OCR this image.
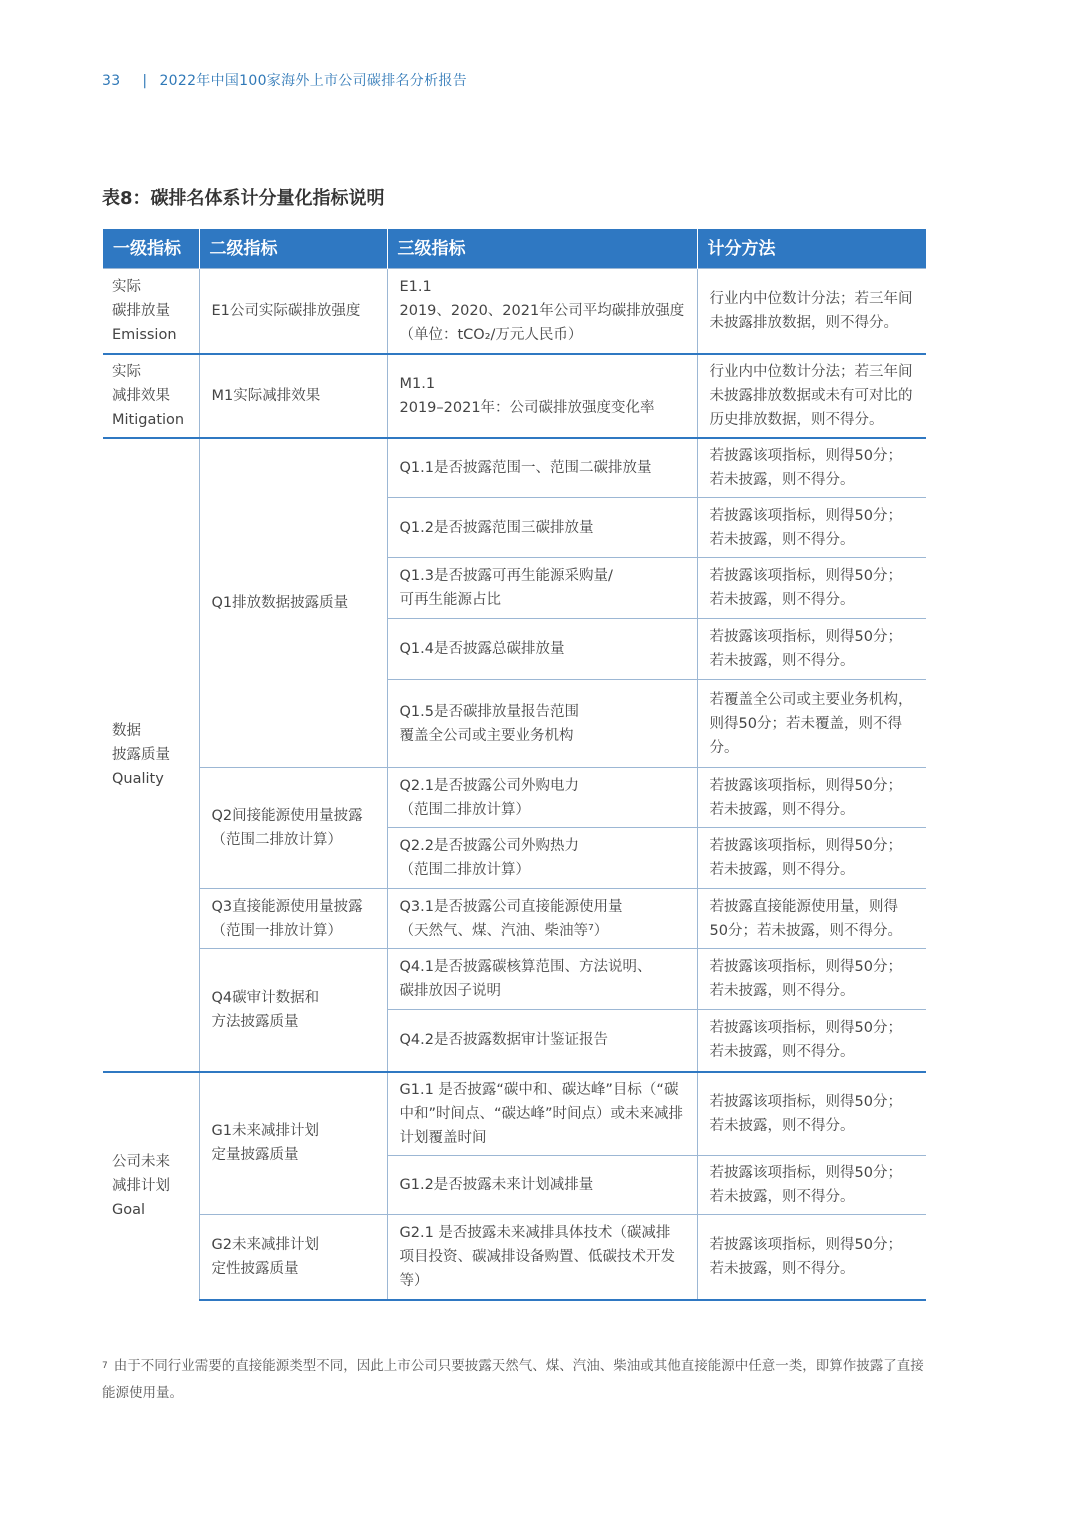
33 | 2022年中国100家海外上市公司碳排名分析报告
表8：碳排名体系计分量化指标说明
一级指标	二级指标	三级指标	计分方法

实际
碳排放量
Emission	E1公司实际碳排放强度	E1.1
2019、2020、2021年公司平均碳排放强度
（单位：tCO₂/万元人民币）	行业内中位数计分法；若三年间未披露排放数据，则不得分。

实际
减排效果
Mitigation	M1实际减排效果	M1.1
2019–2021年：公司碳排放强度变化率	行业内中位数计分法；若三年间未披露排放数据或未有可对比的历史排放数据，则不得分。

数据
披露质量
Quality	Q1排放数据披露质量	Q1.1是否披露范围一、范围二碳排放量	若披露该项指标，则得50分；若未披露，则不得分。

		Q1.2是否披露范围三碳排放量	若披露该项指标，则得50分；若未披露，则不得分。

		Q1.3是否披露可再生能源采购量/
可再生能源占比	若披露该项指标，则得50分；若未披露，则不得分。

		Q1.4是否披露总碳排放量	若披露该项指标，则得50分；若未披露，则不得分。

		Q1.5是否碳排放量报告范围
覆盖全公司或主要业务机构	若覆盖全公司或主要业务机构，则得50分；若未覆盖，则不得分。

	Q2间接能源使用量披露
（范围二排放计算）	Q2.1是否披露公司外购电力
（范围二排放计算）	若披露该项指标，则得50分；若未披露，则不得分。

		Q2.2是否披露公司外购热力
（范围二排放计算）	若披露该项指标，则得50分；若未披露，则不得分。

	Q3直接能源使用量披露
（范围一排放计算）	Q3.1是否披露公司直接能源使用量
（天然气、煤、汽油、柴油等⁷）	若披露直接能源使用量，则得50分；若未披露，则不得分。

	Q4碳审计数据和
方法披露质量	Q4.1是否披露碳核算范围、方法说明、
碳排放因子说明	若披露该项指标，则得50分；若未披露，则不得分。

		Q4.2是否披露数据审计鉴证报告	若披露该项指标，则得50分；若未披露，则不得分。

公司未来
减排计划
Goal	G1未来减排计划
定量披露质量	G1.1 是否披露“碳中和、碳达峰”目标（“碳中和”时间点、“碳达峰”时间点）或未来减排计划覆盖时间	若披露该项指标，则得50分；若未披露，则不得分。
		G1.2是否披露未来计划减排量	若披露该项指标，则得50分；若未披露，则不得分。

	G2未来减排计划
定性披露质量	G2.1 是否披露未来减排具体技术（碳减排项目投资、碳减排设备购置、低碳技术开发等）	若披露该项指标，则得50分；若未披露，则不得分。
$^7$ 由于不同行业需要的直接能源类型不同，因此上市公司只要披露天然气、煤、汽油、柴油或其他直接能源中任意一类，即算作披露了直接能源使用量。
